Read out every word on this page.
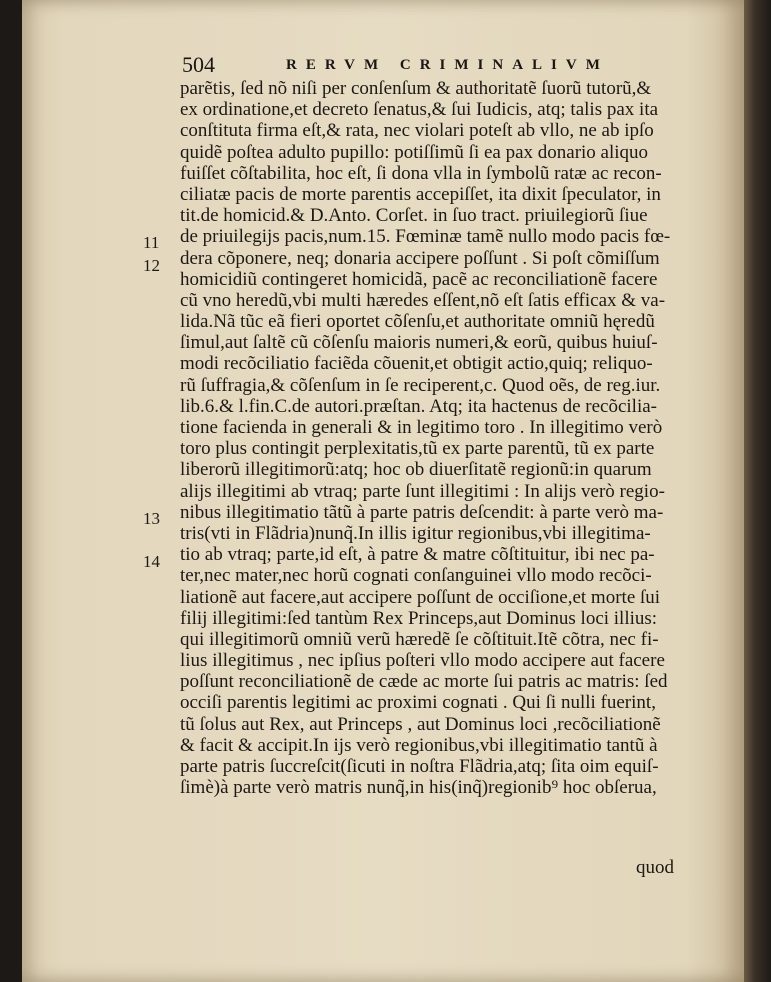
504	RERVM CRIMINALIVM
11
12
13
14
parẽtis, ſed nõ niſi per conſenſum & authoritatẽ ſuorũ tutorũ,&
ex ordinatione,et decreto ſenatus,& ſui Iudicis, atq; talis pax ita
conſtituta firma eſt,& rata, nec violari poteſt ab vllo, ne ab ipſo
quidẽ poſtea adulto pupillo: potiſſimũ ſi ea pax donario aliquo
fuiſſet cõſtabilita, hoc eſt, ſi dona vlla in ſymbolũ ratæ ac recon-
ciliatæ pacis de morte parentis accepiſſet, ita dixit ſpeculator, in
tit.de homicid.& D.Anto. Corſet. in ſuo tract. priuilegiorũ ſiue
de priuilegijs pacis,num.15. Fœminæ tamẽ nullo modo pacis fœ-
dera cõponere, neq; donaria accipere poſſunt . Si poſt cõmiſſum
homicidiũ contingeret homicidã, pacẽ ac reconciliationẽ facere
cũ vno heredũ,vbi multi hæredes eſſent,nõ eſt ſatis efficax & va-
lida.Nã tũc eã fieri oportet cõſenſu,et authoritate omniũ hęredũ
ſimul,aut ſaltẽ cũ cõſenſu maioris numeri,& eorũ, quibus huiuſ-
modi recõciliatio faciẽda cõuenit,et obtigit actio,quiq; reliquo-
rũ ſuffragia,& cõſenſum in ſe reciperent,c. Quod oẽs, de reg.iur.
lib.6.& l.fin.C.de autori.præſtan. Atq; ita hactenus de recõcilia-
tione facienda in generali & in legitimo toro . In illegitimo verò
toro plus contingit perplexitatis,tũ ex parte parentũ, tũ ex parte
liberorũ illegitimorũ:atq; hoc ob diuerſitatẽ regionũ:in quarum
alijs illegitimi ab vtraq; parte ſunt illegitimi : In alijs verò regio-
nibus illegitimatio tãtũ à parte patris deſcendit: à parte verò ma-
tris(vti in Flãdria)nunq̃.In illis igitur regionibus,vbi illegitima-
tio ab vtraq; parte,id eſt, à patre & matre cõſtituitur, ibi nec pa-
ter,nec mater,nec horũ cognati conſanguinei vllo modo recõci-
liationẽ aut facere,aut accipere poſſunt de occiſione,et morte ſui
filij illegitimi:ſed tantùm Rex Princeps,aut Dominus loci illius:
qui illegitimorũ omniũ verũ hæredẽ ſe cõſtituit.Itẽ cõtra, nec fi-
lius illegitimus , nec ipſius poſteri vllo modo accipere aut facere
poſſunt reconciliationẽ de cæde ac morte ſui patris ac matris: ſed
occiſi parentis legitimi ac proximi cognati . Qui ſi nulli fuerint,
tũ ſolus aut Rex, aut Princeps , aut Dominus loci ,recõciliationẽ
& facit & accipit.In ijs verò regionibus,vbi illegitimatio tantũ à
parte patris ſuccreſcit(ſicuti in noſtra Flãdria,atq; ſita oim equiſ-
ſimè)à parte verò matris nunq̃,in his(inq̃)regionib⁹ hoc obſerua,
quod
